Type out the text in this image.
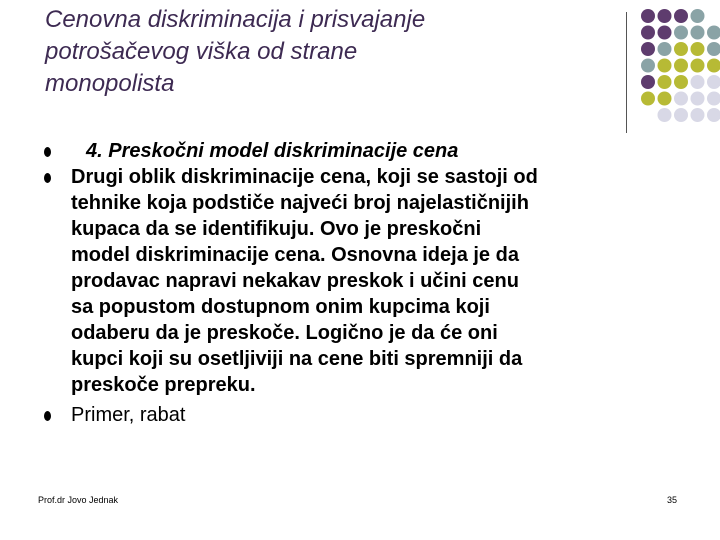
Cenovna diskriminacija i prisvajanje
potrošačevog viška od strane
monopolista
4. Preskočni model diskriminacije cena
Drugi oblik diskriminacije cena, koji se sastoji od
tehnike koja podstiče najveći broj najelastičnijih
kupaca da se identifikuju. Ovo je preskočni
model diskriminacije cena. Osnovna ideja je da
prodavac napravi nekakav preskok i učini cenu
sa popustom dostupnom onim kupcima koji
odaberu da je preskoče. Logično je da će oni
kupci koji su osetljiviji na cene biti spremniji da
preskoče prepreku.
Primer, rabat
Prof.dr Jovo Jednak	35
